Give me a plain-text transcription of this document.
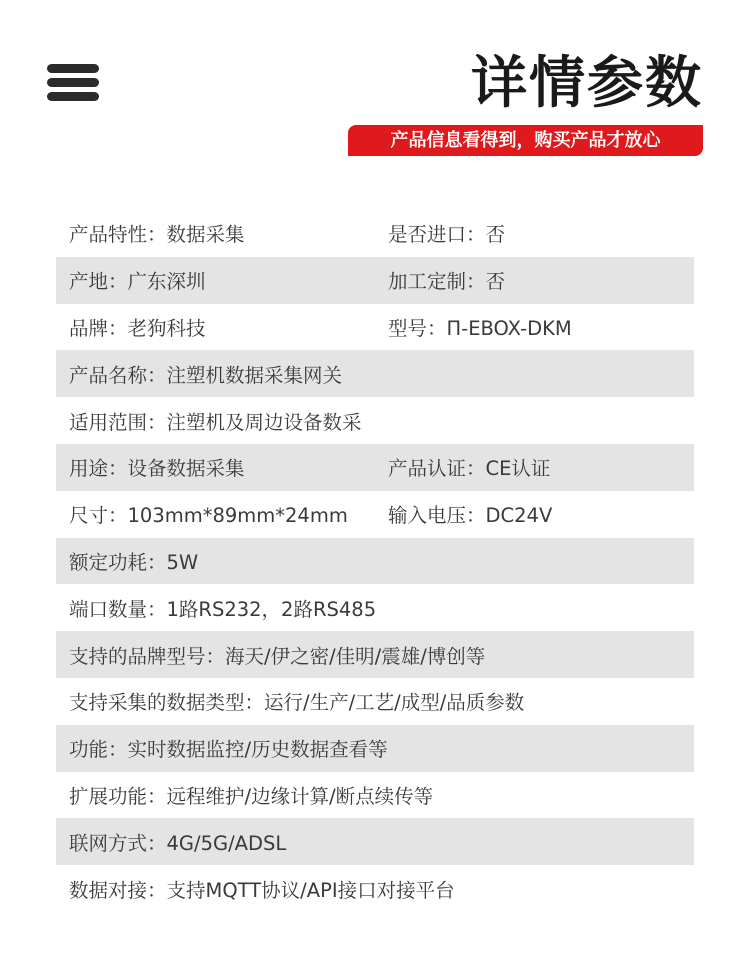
详情参数
产品信息看得到，购买产品才放心
产品特性：数据采集	是否进口：否
产地：广东深圳	加工定制：否
品牌：老狗科技	型号：П-EBOX-DKM
产品名称：注塑机数据采集网关
适用范围：注塑机及周边设备数采
用途：设备数据采集	产品认证：CE认证
尺寸：103mm*89mm*24mm	输入电压：DC24V
额定功耗：5W
端口数量：1路RS232，2路RS485
支持的品牌型号：海天/伊之密/佳明/震雄/博创等
支持采集的数据类型：运行/生产/工艺/成型/品质参数
功能：实时数据监控/历史数据查看等
扩展功能：远程维护/边缘计算/断点续传等
联网方式：4G/5G/ADSL
数据对接：支持MQTT协议/API接口对接平台
